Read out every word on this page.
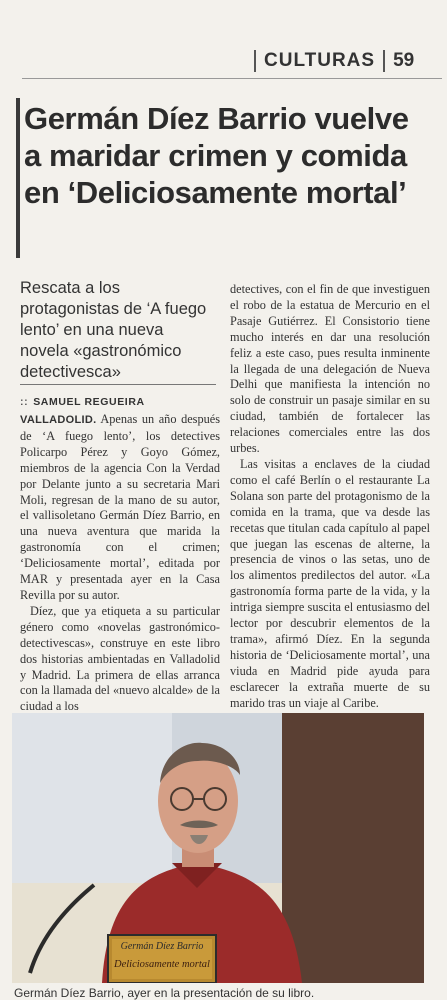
CULTURAS 59
Germán Díez Barrio vuelve a maridar crimen y comida en ‘Deliciosamente mortal’
Rescata a los protagonistas de ‘A fuego lento’ en una nueva novela «gastronómico detectivesca»
:: SAMUEL REGUEIRA

VALLADOLID. Apenas un año después de ‘A fuego lento’, los detectives Policarpo Pérez y Goyo Gómez, miembros de la agencia Con la Verdad por Delante junto a su secretaria Mari Moli, regresan de la mano de su autor, el vallisoletano Germán Díez Barrio, en una nueva aventura que marida la gastronomía con el crimen; ‘Deliciosamente mortal’, editada por MAR y presentada ayer en la Casa Revilla por su autor.

Díez, que ya etiqueta a su particular género como «novelas gastronómico-detectivescas», construye en este libro dos historias ambientadas en Valladolid y Madrid. La primera de ellas arranca con la llamada del «nuevo alcalde» de la ciudad a los

detectives, con el fin de que investiguen el robo de la estatua de Mercurio en el Pasaje Gutiérrez. El Consistorio tiene mucho interés en dar una resolución feliz a este caso, pues resulta inminente la llegada de una delegación de Nueva Delhi que manifiesta la intención no solo de construir un pasaje similar en su ciudad, también de fortalecer las relaciones comerciales entre las dos urbes.

Las visitas a enclaves de la ciudad como el café Berlín o el restaurante La Solana son parte del protagonismo de la comida en la trama, que va desde las recetas que titulan cada capítulo al papel que juegan las escenas de alterne, la presencia de vinos o las setas, uno de los alimentos predilectos del autor. «La gastronomía forma parte de la vida, y la intriga siempre suscita el entusiasmo del lector por descubrir elementos de la trama», afirmó Díez. En la segunda historia de ‘Deliciosamente mortal’, una viuda en Madrid pide ayuda para esclarecer la extraña muerte de su marido tras un viaje al Caribe.

Germán Díez Barrio
Deliciosamente mortal
Germán Díez Barrio, ayer en la presentación de su libro.
